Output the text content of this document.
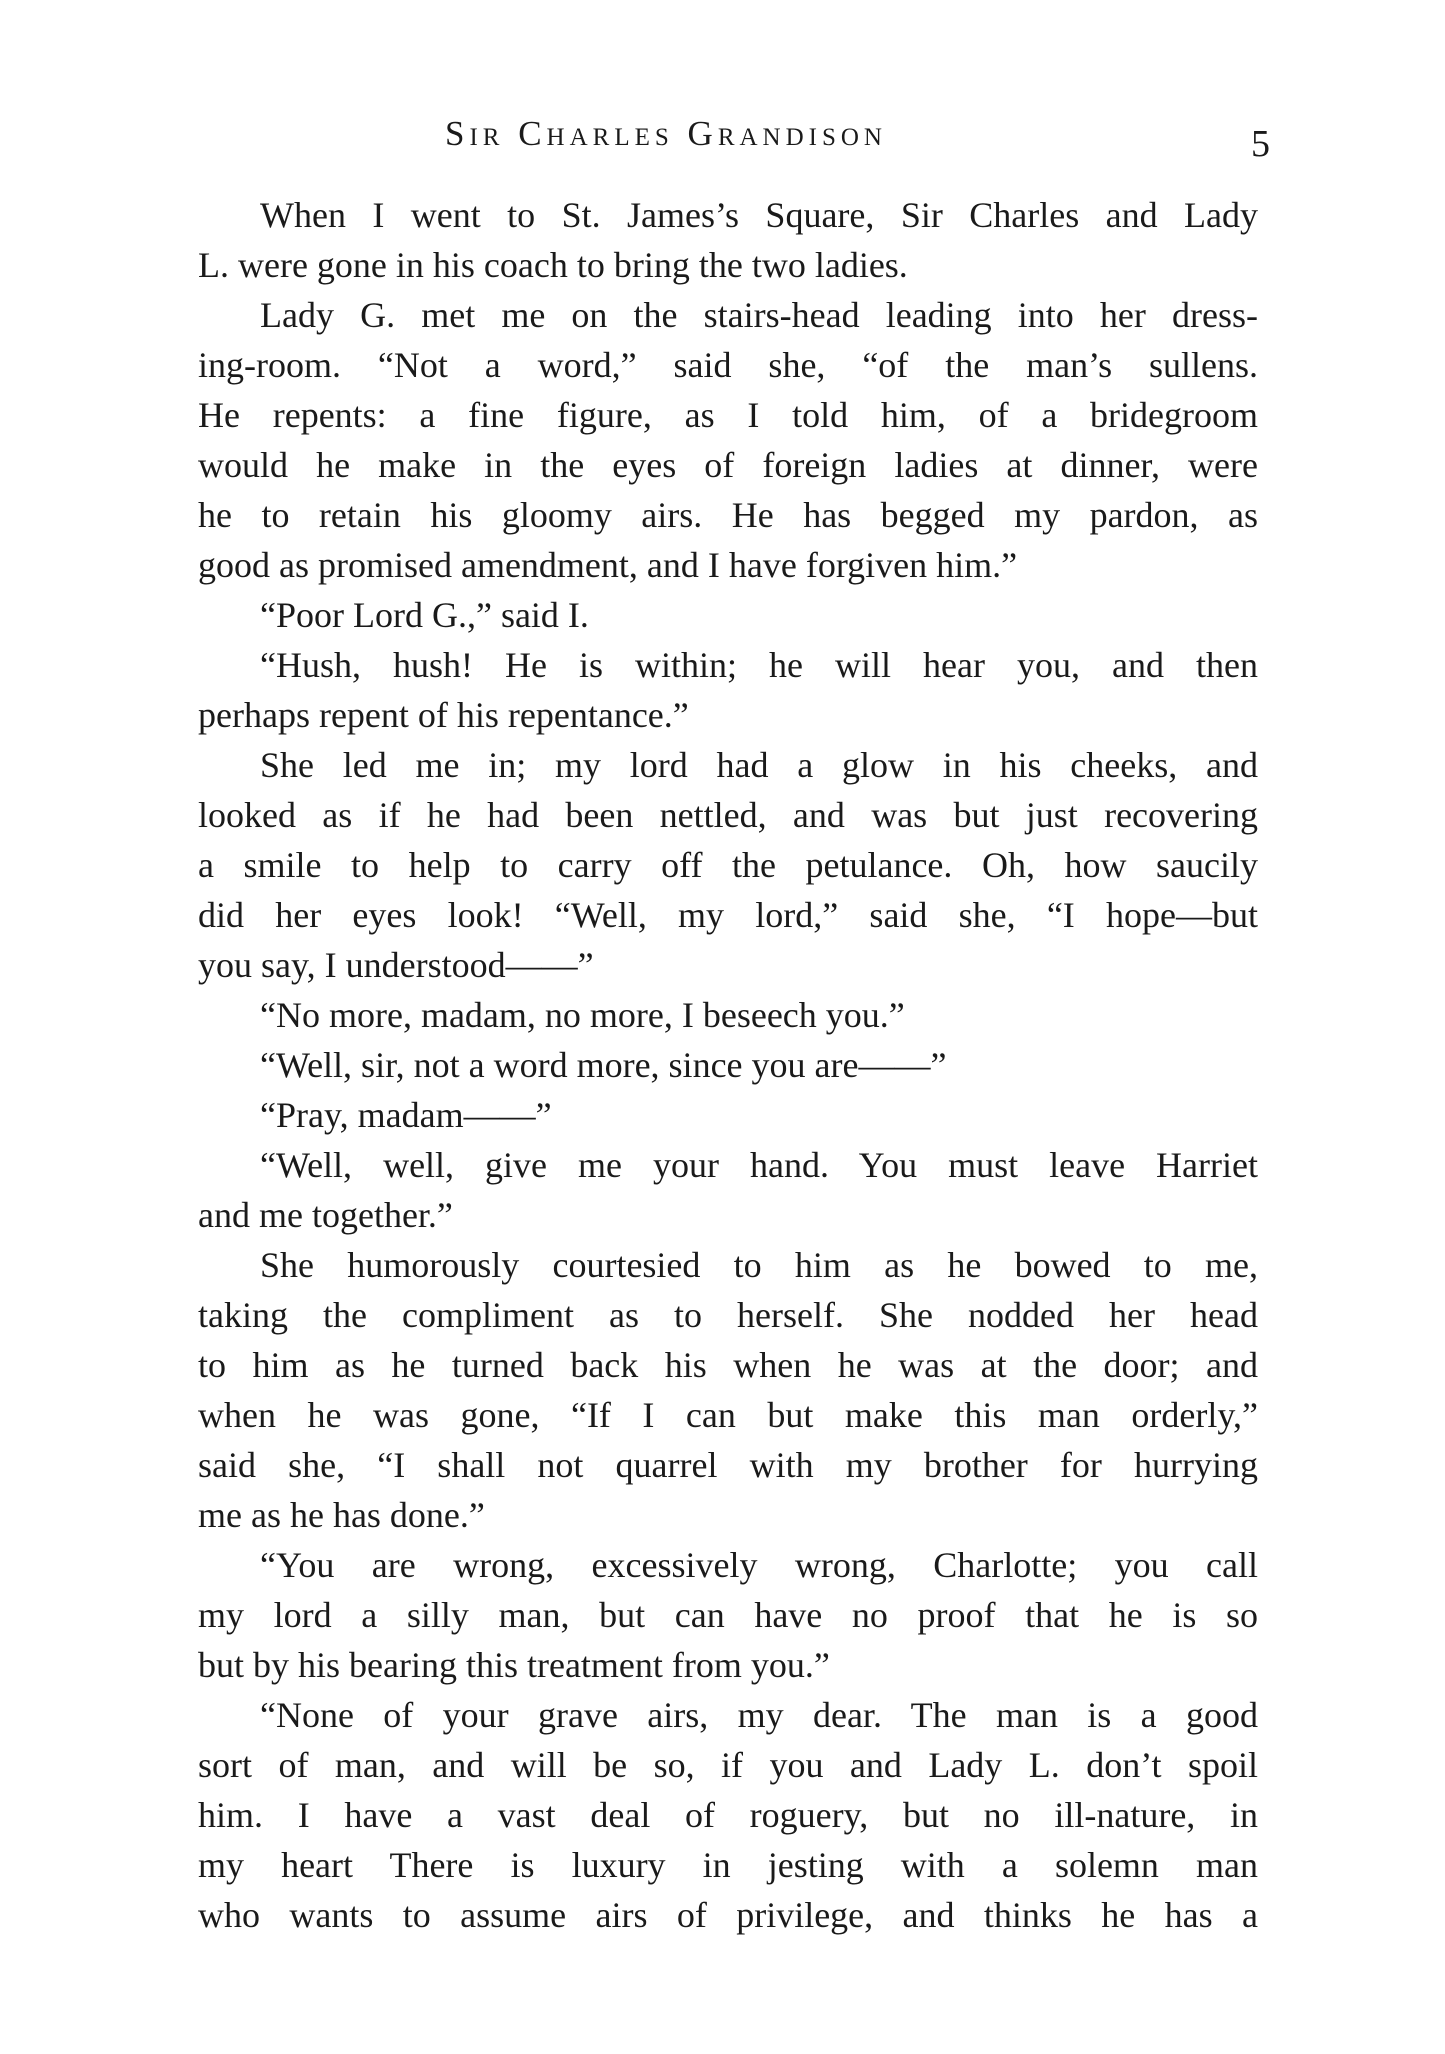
Sir Charles Grandison	5
When I went to St. James’s Square, Sir Charles and Lady
L. were gone in his coach to bring the two ladies.
Lady G. met me on the stairs-head leading into her dress-
ing-room. “Not a word,” said she, “of the man’s sullens.
He repents: a fine figure, as I told him, of a bridegroom
would he make in the eyes of foreign ladies at dinner, were
he to retain his gloomy airs. He has begged my pardon, as
good as promised amendment, and I have forgiven him.”
“Poor Lord G.,” said I.
“Hush, hush! He is within; he will hear you, and then
perhaps repent of his repentance.”
She led me in; my lord had a glow in his cheeks, and
looked as if he had been nettled, and was but just recovering
a smile to help to carry off the petulance. Oh, how saucily
did her eyes look! “Well, my lord,” said she, “I hope—but
you say, I understood——”
“No more, madam, no more, I beseech you.”
“Well, sir, not a word more, since you are——”
“Pray, madam——”
“Well, well, give me your hand. You must leave Harriet
and me together.”
She humorously courtesied to him as he bowed to me,
taking the compliment as to herself. She nodded her head
to him as he turned back his when he was at the door; and
when he was gone, “If I can but make this man orderly,”
said she, “I shall not quarrel with my brother for hurrying
me as he has done.”
“You are wrong, excessively wrong, Charlotte; you call
my lord a silly man, but can have no proof that he is so
but by his bearing this treatment from you.”
“None of your grave airs, my dear. The man is a good
sort of man, and will be so, if you and Lady L. don’t spoil
him. I have a vast deal of roguery, but no ill-nature, in
my heart There is luxury in jesting with a solemn man
who wants to assume airs of privilege, and thinks he has a
